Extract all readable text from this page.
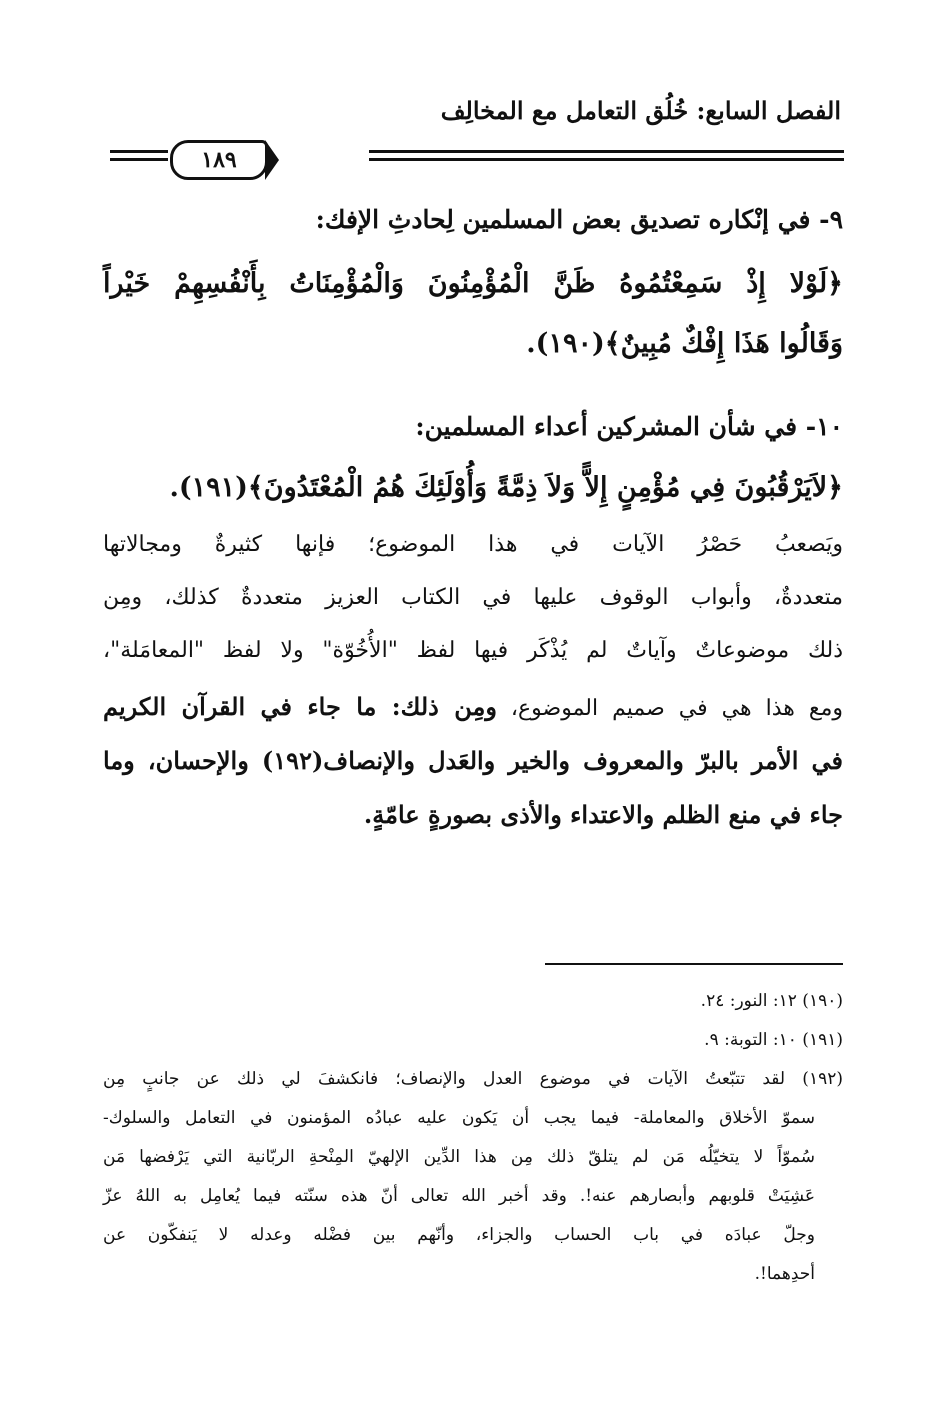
الفصل السابع: خُلُق التعامل مع المخالِف
١٨٩
٩- في إنْكاره تصديق بعض المسلمين لِحادثِ الإفك:
﴿لَوْلا إِذْ سَمِعْتُمُوهُ ظَنَّ الْمُؤْمِنُونَ وَالْمُؤْمِنَاتُ بِأَنْفُسِهِمْ خَيْراً
وَقَالُوا هَذَا إِفْكٌ مُبِينٌ﴾(١٩٠).
١٠- في شأن المشركين أعداء المسلمين:
﴿لاَيَرْقُبُونَ فِي مُؤْمِنٍ إِلاًّ وَلاَ ذِمَّةً وَأُوْلَئِكَ هُمُ الْمُعْتَدُونَ﴾(١٩١).
ويَصعبُ حَصْرُ الآيات في هذا الموضوع؛ فإنها كثيرةٌ ومجالاتها
متعددةٌ، وأبواب الوقوف عليها في الكتاب العزيز متعددةٌ كذلك، ومِن
ذلك موضوعاتٌ وآياتٌ لم يُذْكَر فيها لفظ "الأُخُوّة" ولا لفظ "المعامَلة"،
ومع هذا هي في صميم الموضوع، ومِن ذلك: ما جاء في القرآن الكريم
في الأمر بالبرّ والمعروف والخير والعَدل والإنصاف(١٩٢) والإحسان، وما
جاء في منع الظلم والاعتداء والأذى بصورةٍ عامّةٍ.
(١٩٠) ١٢: النور: ٢٤.
(١٩١) ١٠: التوبة: ٩.
(١٩٢) لقد تتبّعتُ الآيات في موضوع العدل والإنصاف؛ فانكشفَ لي ذلك عن جانبٍ مِن
سموّ الأخلاق والمعاملة- فيما يجب أن يَكون عليه عبادُه المؤمنون في التعامل والسلوك-
سُموّاً لا يتخيّلُه مَن لم يتلقّ ذلك مِن هذا الدِّين الإلهيّ المِنْحةِ الربّانية التي يَرْفضها مَن
عَشِيَتْ قلوبهم وأبصارهم عنه!. وقد أخبر الله تعالى أنّ هذه سنّته فيما يُعامِل به اللهُ عزّ
وجلّ عبادَه في باب الحساب والجزاء، وأنّهم بين فضْله وعدله لا يَنفكّون عن
أحدِهما!.
